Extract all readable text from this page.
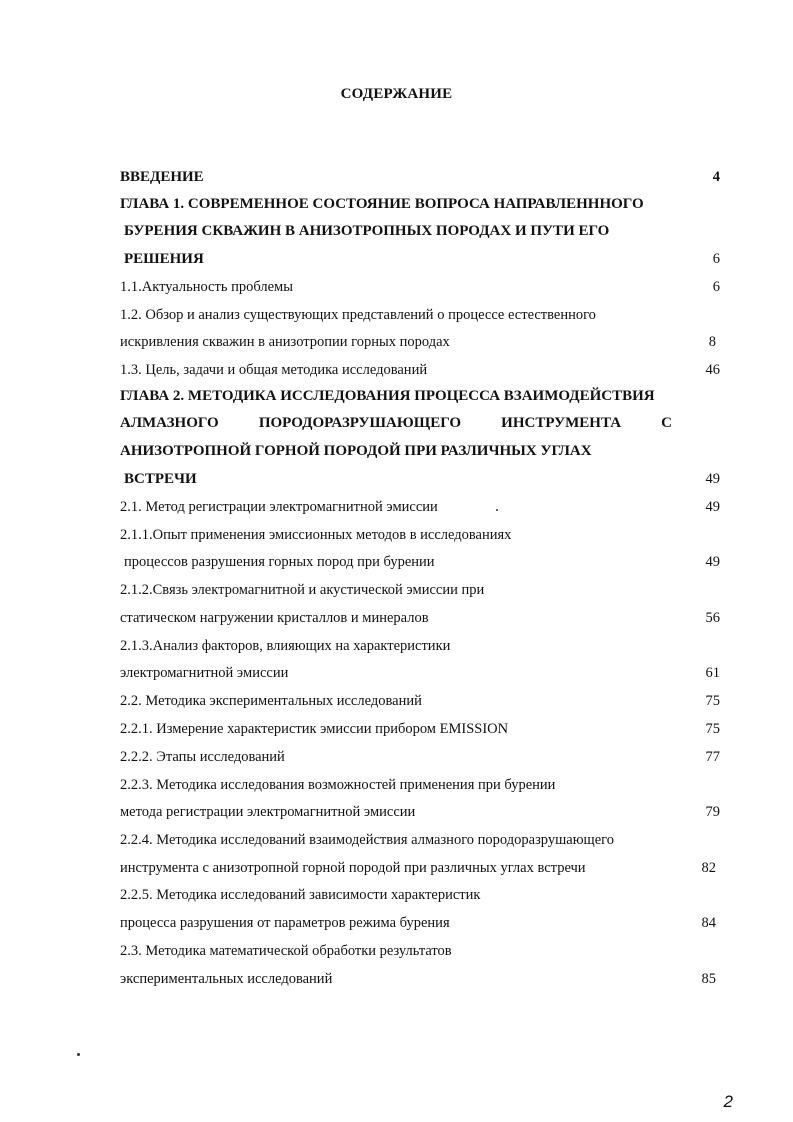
СОДЕРЖАНИЕ
ВВЕДЕНИЕ	4
ГЛАВА 1. СОВРЕМЕННОЕ СОСТОЯНИЕ ВОПРОСА НАПРАВЛЕНННОГО
БУРЕНИЯ СКВАЖИН В АНИЗОТРОПНЫХ ПОРОДАХ И ПУТИ ЕГО
РЕШЕНИЯ	6
1.1.Актуальность проблемы	6
1.2. Обзор и анализ существующих представлений о процессе естественного
искривления скважин в анизотропии горных породах	8
1.3. Цель, задачи и общая методика исследований	46
ГЛАВА 2. МЕТОДИКА ИССЛЕДОВАНИЯ ПРОЦЕССА ВЗАИМОДЕЙСТВИЯ
АЛМАЗНОГО	ПОРОДОРАЗРУШАЮЩЕГО	ИНСТРУМЕНТА	С
АНИЗОТРОПНОЙ ГОРНОЙ ПОРОДОЙ ПРИ РАЗЛИЧНЫХ УГЛАХ
ВСТРЕЧИ	49
2.1. Метод регистрации электромагнитной эмиссии	49
2.1.1.Опыт применения эмиссионных методов в исследованиях
процессов разрушения горных пород при бурении	49
2.1.2.Связь электромагнитной и акустической эмиссии при
статическом нагружении кристаллов и минералов	56
2.1.3.Анализ факторов, влияющих на характеристики
электромагнитной эмиссии	61
2.2. Методика экспериментальных исследований	75
2.2.1. Измерение характеристик эмиссии прибором EMISSION	75
2.2.2. Этапы исследований	77
2.2.3. Методика исследования возможностей применения при бурении
метода регистрации электромагнитной эмиссии	79
2.2.4. Методика исследований взаимодействия алмазного породоразрушающего
инструмента с анизотропной горной породой при различных углах встречи	82
2.2.5. Методика исследований зависимости характеристик
процесса разрушения от параметров режима бурения	84
2.3. Методика математической обработки результатов
экспериментальных исследований	85
2
